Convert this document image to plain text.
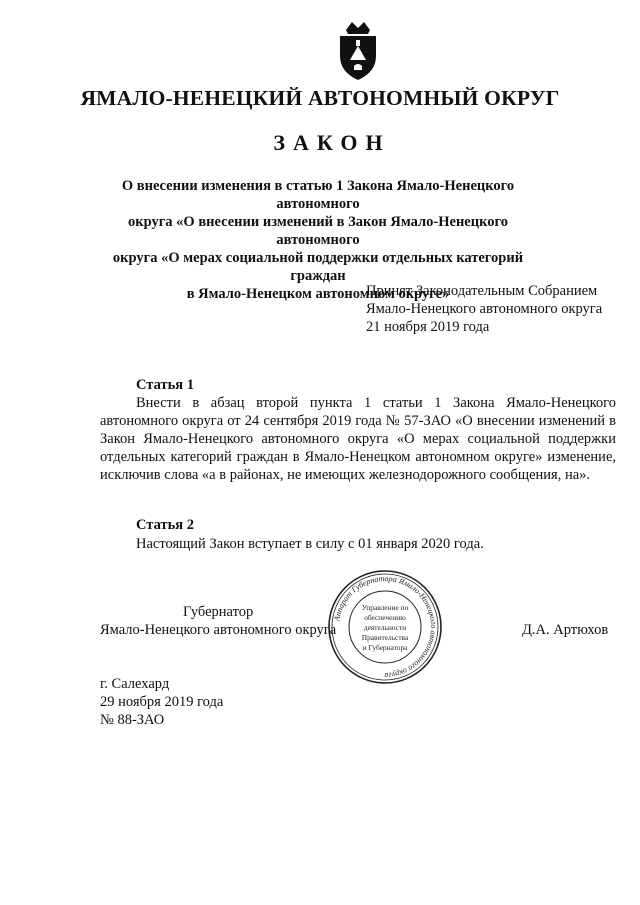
ЯМАЛО-НЕНЕЦКИЙ АВТОНОМНЫЙ ОКРУГ
ЗАКОН
О внесении изменения в статью 1 Закона Ямало-Ненецкого автономного
округа «О внесении изменений в Закон Ямало-Ненецкого автономного
округа «О мерах социальной поддержки отдельных категорий граждан
в Ямало-Ненецком автономном округе»
Принят Законодательным Собранием
Ямало-Ненецкого автономного округа
21 ноября 2019 года
Статья 1
Внести в абзац второй пункта 1 статьи 1 Закона Ямало-Ненецкого автономного округа от 24 сентября 2019 года № 57-ЗАО «О внесении изменений в Закон Ямало-Ненецкого автономного округа «О мерах социальной поддержки отдельных категорий граждан в Ямало-Ненецком автономном округе» изменение, исключив слова «а в районах, не имеющих железнодорожного сообщения, на».
Статья 2
Настоящий Закон вступает в силу с 01 января 2020 года.
Губернатор
Ямало-Ненецкого автономного округа	Д.А. Артюхов
Аппарат Губернатора Ямало-Ненецкого автономного округа
Управление по
обеспечению
деятельности
Правительства
и Губернатора
г. Салехард
29 ноября 2019 года
№ 88-ЗАО
